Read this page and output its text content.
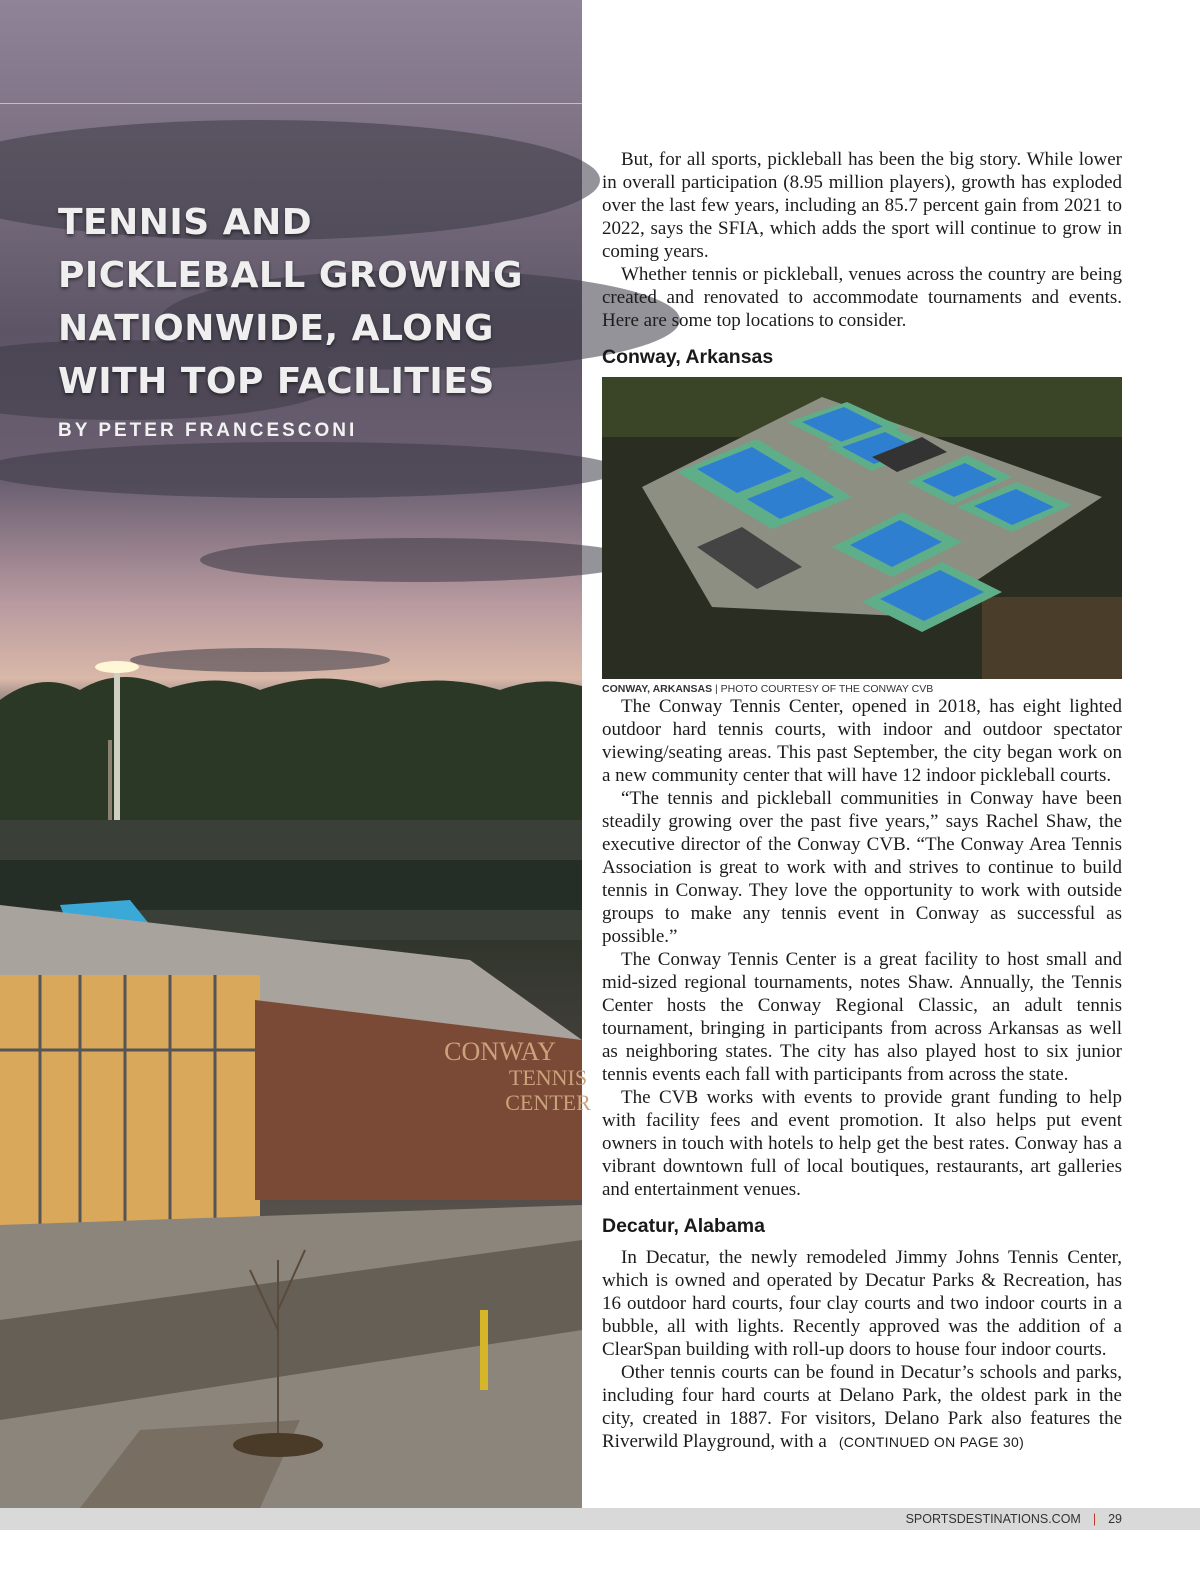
CONWAY
TENNIS
CENTER
TENNIS AND PICKLEBALL GROWING NATIONWIDE, ALONG WITH TOP FACILITIES
BY PETER FRANCESCONI

But, for all sports, pickleball has been the big story. While lower in overall participation (8.95 million players), growth has exploded over the last few years, including an 85.7 percent gain from 2021 to 2022, says the SFIA, which adds the sport will continue to grow in coming years.

Whether tennis or pickleball, venues across the country are being created and renovated to accommodate tournaments and events. Here are some top locations to consider.

Conway, Arkansas

CONWAY, ARKANSAS | PHOTO COURTESY OF THE CONWAY CVB

The Conway Tennis Center, opened in 2018, has eight lighted outdoor hard tennis courts, with indoor and outdoor spectator viewing/seating areas. This past September, the city began work on a new community center that will have 12 indoor pickleball courts.

“The tennis and pickleball communities in Conway have been steadily growing over the past five years,” says Rachel Shaw, the executive director of the Conway CVB. “The Conway Area Tennis Association is great to work with and strives to continue to build tennis in Conway. They love the opportunity to work with outside groups to make any tennis event in Conway as successful as possible.”

The Conway Tennis Center is a great facility to host small and mid-sized regional tournaments, notes Shaw. Annually, the Tennis Center hosts the Conway Regional Classic, an adult tennis tournament, bringing in participants from across Arkansas as well as neighboring states. The city has also played host to six junior tennis events each fall with participants from across the state.

The CVB works with events to provide grant funding to help with facility fees and event promotion. It also helps put event owners in touch with hotels to help get the best rates. Conway has a vibrant downtown full of local boutiques, restaurants, art galleries and entertainment venues.

Decatur, Alabama

In Decatur, the newly remodeled Jimmy Johns Tennis Center, which is owned and operated by Decatur Parks & Recreation, has 16 outdoor hard courts, four clay courts and two indoor courts in a bubble, all with lights. Recently approved was the addition of a ClearSpan building with roll-up doors to house four indoor courts.

Other tennis courts can be found in Decatur’s schools and parks, including four hard courts at Delano Park, the oldest park in the city, created in 1887. For visitors, Delano Park also features the Riverwild Playground, with a (CONTINUED ON PAGE 30)

SPORTSDESTINATIONS.COM | 29
